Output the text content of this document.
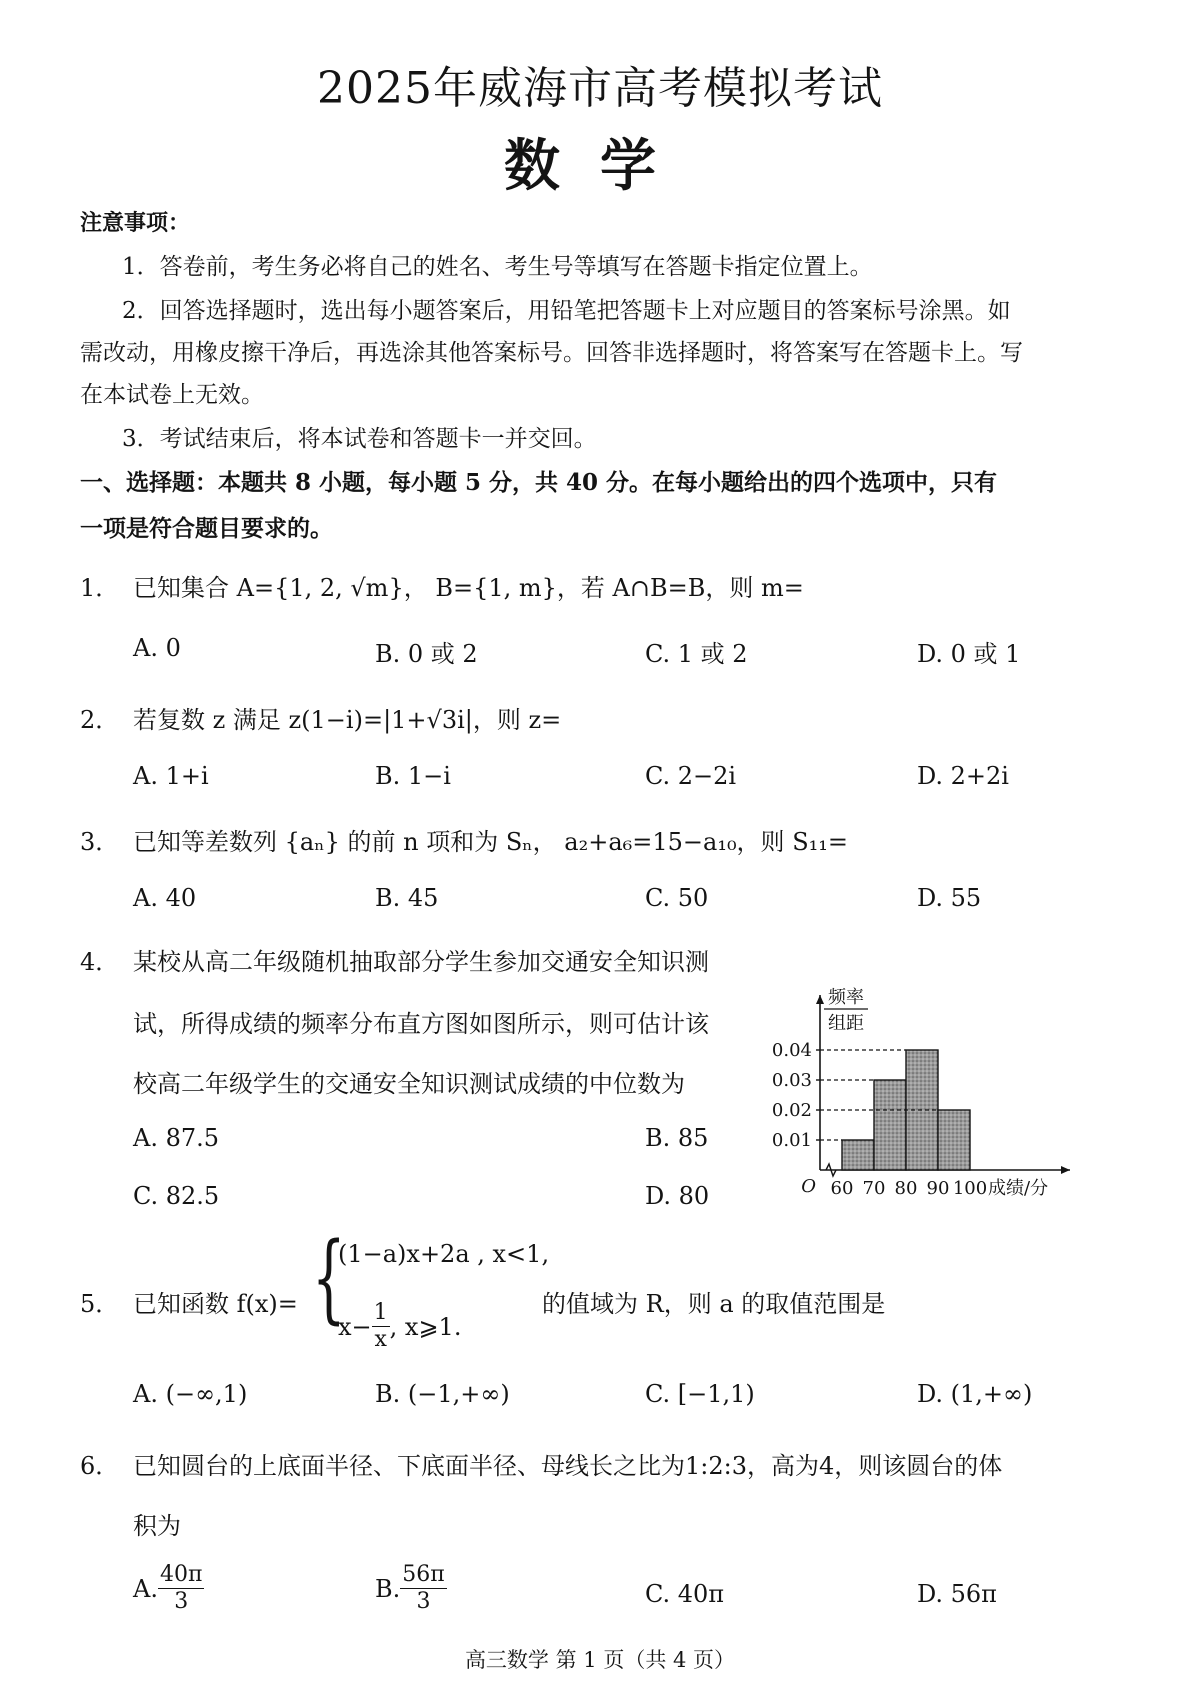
2025年威海市高考模拟考试
数学
注意事项：
1．答卷前，考生务必将自己的姓名、考生号等填写在答题卡指定位置上。
2．回答选择题时，选出每小题答案后，用铅笔把答题卡上对应题目的答案标号涂黑。如
需改动，用橡皮擦干净后，再选涂其他答案标号。回答非选择题时，将答案写在答题卡上。写
在本试卷上无效。
3．考试结束后，将本试卷和答题卡一并交回。
一、选择题：本题共 8 小题，每小题 5 分，共 40 分。在每小题给出的四个选项中，只有
一项是符合题目要求的。
1． 已知集合 A={1, 2, √m}， B={1, m}，若 A∩B=B，则 m=
A. 0	B. 0 或 2	C. 1 或 2	D. 0 或 1
2． 若复数 z 满足 z(1−i)=|1+√3i|，则 z=
A. 1+i	B. 1−i	C. 2−2i	D. 2+2i
3． 已知等差数列 {aₙ} 的前 n 项和为 Sₙ， a₂+a₆=15−a₁₀，则 S₁₁=
A. 40	B. 45	C. 50	D. 55
4． 某校从高二年级随机抽取部分学生参加交通安全知识测
试，所得成绩的频率分布直方图如图所示，则可估计该
校高二年级学生的交通安全知识测试成绩的中位数为
A. 87.5	B. 85
C. 82.5	D. 80
0.01
0.02
0.03
0.04
60 70 80 90 100
O	成绩/分
频率
组距
5． 已知函数 f(x)= {
(1−a)x+2a , x<1,
$x- \frac{1}{x}$ , x⩾1.
的值域为 R，则 a 的取值范围是
A. (−∞,1)	B. (−1,+∞)	C. [−1,1)	D. (1,+∞)
6． 已知圆台的上底面半径、下底面半径、母线长之比为1:2:3，高为4，则该圆台的体
积为
A. $\frac{40\pi}{3}$	B. $\frac{56\pi}{3}$	C. 40π	D. 56π
高三数学 第 1 页（共 4 页）
